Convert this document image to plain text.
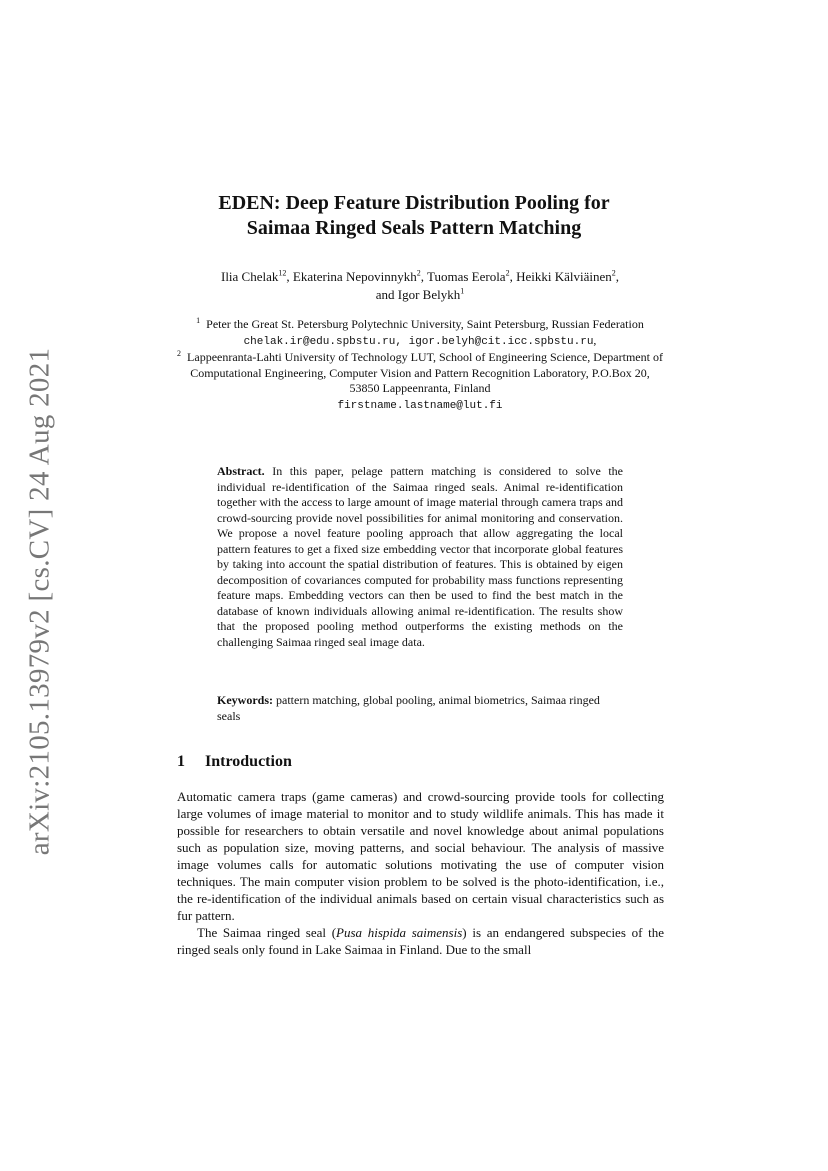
arXiv:2105.13979v2 [cs.CV] 24 Aug 2021
EDEN: Deep Feature Distribution Pooling for
Saimaa Ringed Seals Pattern Matching
Ilia Chelak$^{12}$, Ekaterina Nepovinnykh$^2$, Tuomas Eerola$^2$, Heikki Kälviäinen$^2$,
and Igor Belykh$^1$
$^1$ Peter the Great St. Petersburg Polytechnic University, Saint Petersburg, Russian Federation
chelak.ir@edu.spbstu.ru, igor.belyh@cit.icc.spbstu.ru,
$^2$ Lappeenranta-Lahti University of Technology LUT, School of Engineering Science, Department of Computational Engineering, Computer Vision and Pattern Recognition Laboratory, P.O.Box 20, 53850 Lappeenranta, Finland
firstname.lastname@lut.fi
Abstract. In this paper, pelage pattern matching is considered to solve the individual re-identification of the Saimaa ringed seals. Animal re-identification together with the access to large amount of image material through camera traps and crowd-sourcing provide novel possibilities for animal monitoring and conservation. We propose a novel feature pooling approach that allow aggregating the local pattern features to get a fixed size embedding vector that incorporate global features by taking into account the spatial distribution of features. This is obtained by eigen decomposition of covariances computed for probability mass functions representing feature maps. Embedding vectors can then be used to find the best match in the database of known individuals allowing animal re-identification. The results show that the proposed pooling method outperforms the existing methods on the challenging Saimaa ringed seal image data.
Keywords: pattern matching, global pooling, animal biometrics, Saimaa ringed seals
1 Introduction

Automatic camera traps (game cameras) and crowd-sourcing provide tools for collecting large volumes of image material to monitor and to study wildlife animals. This has made it possible for researchers to obtain versatile and novel knowledge about animal populations such as population size, moving patterns, and social behaviour. The analysis of massive image volumes calls for automatic solutions motivating the use of computer vision techniques. The main computer vision problem to be solved is the photo-identification, i.e., the re-identification of the individual animals based on certain visual characteristics such as fur pattern.

The Saimaa ringed seal (Pusa hispida saimensis) is an endangered subspecies of the ringed seals only found in Lake Saimaa in Finland. Due to the small
